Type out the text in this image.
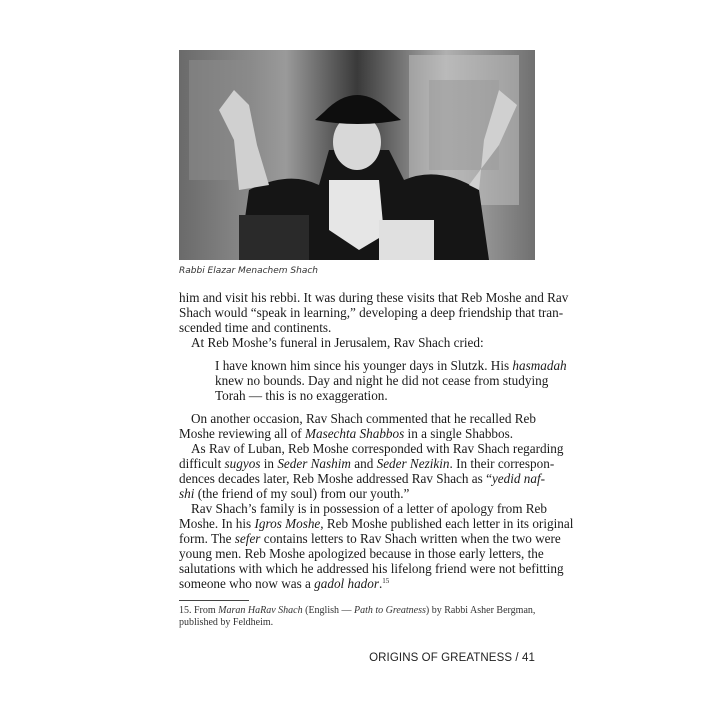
Rabbi Elazar Menachem Shach
him and visit his rebbi. It was during these visits that Reb Moshe and Rav
Shach would “speak in learning,” developing a deep friendship that tran-
scended time and continents.
At Reb Moshe’s funeral in Jerusalem, Rav Shach cried:
I have known him since his younger days in Slutzk. His hasmadah
knew no bounds. Day and night he did not cease from studying
Torah — this is no exaggeration.
On another occasion, Rav Shach commented that he recalled Reb
Moshe reviewing all of Masechta Shabbos in a single Shabbos.
As Rav of Luban, Reb Moshe corresponded with Rav Shach regarding
difficult sugyos in Seder Nashim and Seder Nezikin. In their correspon-
dences decades later, Reb Moshe addressed Rav Shach as “yedid naf-
shi (the friend of my soul) from our youth.”
Rav Shach’s family is in possession of a letter of apology from Reb
Moshe. In his Igros Moshe, Reb Moshe published each letter in its original
form. The sefer contains letters to Rav Shach written when the two were
young men. Reb Moshe apologized because in those early letters, the
salutations with which he addressed his lifelong friend were not befitting
someone who now was a gadol hador.$^{15}$
15. From Maran HaRav Shach (English — Path to Greatness) by Rabbi Asher Bergman,
published by Feldheim.
ORIGINS OF GREATNESS / 41
